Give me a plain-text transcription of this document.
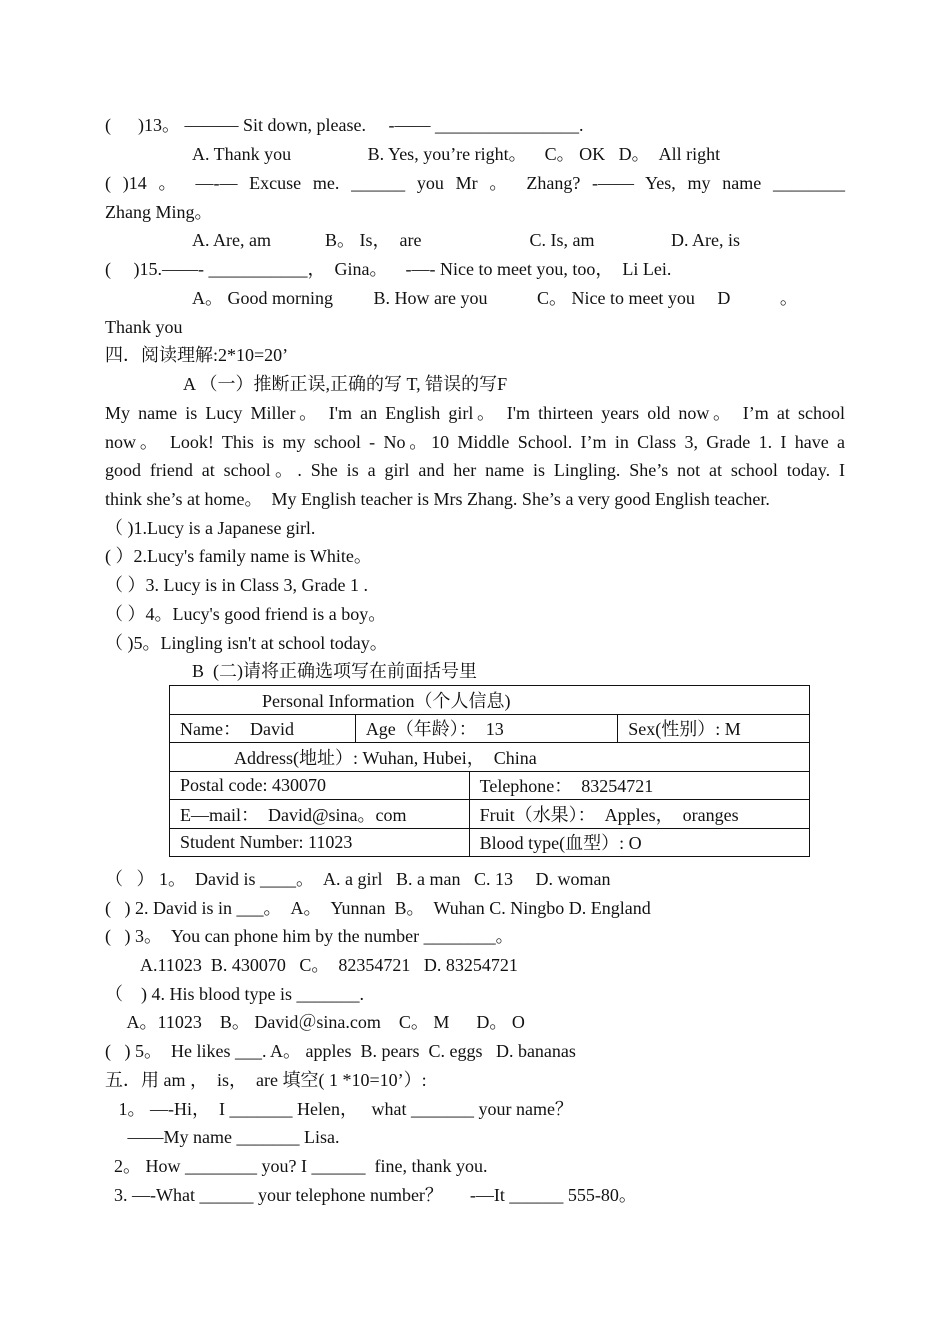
(      )13。 ——— Sit down, please.     -—— ________________.
A. Thank you                 B. Yes, you’re right。    C。 OK   D。  All right
( )14 。 —-— Excuse me. ______ you Mr 。 Zhang? -—— Yes, my name ________
Zhang Ming。
A. Are, am            B。 Is，  are                        C. Is, am                 D. Are, is
(     )15.——- ___________，  Gina。    -—- Nice to meet you, too，  Li Lei.
A。 Good morning         B. How are you           C。 Nice to meet you     D           。
Thank you
四．阅读理解:2*10=20’
A （一）推断正误,正确的写 T, 错误的写F
My name is Lucy Miller。 I'm an English girl。 I'm thirteen years old now。 I’m at school
now。 Look! This is my school - No。10 Middle School. I’m in Class 3, Grade 1. I have a
good friend at school。. She is a girl and her name is Lingling. She’s not at school today. I
think she’s at home。  My English teacher is Mrs Zhang. She’s a very good English teacher.
（ )1.Lucy is a Japanese girl.
( ）2.Lucy's family name is White。
（ ）3. Lucy is in Class 3, Grade 1 .
（ ）4。Lucy's good friend is a boy。
（ )5。Lingling isn't at school today。
B  (二)请将正确选项写在前面括号里
Personal Information（个人信息)			
Name：  David	Age（年龄）：  13		Sex(性别）: M
Address(地址）: Wuhan, Hubei，  China			
Postal code: 430070		Telephone：  83254721	
E—mail：  David@sina。com		Fruit（水果）：  Apples，  oranges	
Student Number: 11023		Blood type(血型）: O	
（   ） 1。  David is ____。  A. a girl   B. a man   C. 13     D. woman
(   ) 2. David is in ___。  A。  Yunnan  B。  Wuhan C. Ningbo D. England
(   ) 3。  You can phone him by the number ________。
A.11023  B. 430070   C。  82354721   D. 83254721
（    ) 4. His blood type is _______.
A。11023    B。 David＠sina.com    C。 M      D。 O
(   ) 5。  He likes ___. A。 apples  B. pears  C. eggs   D. bananas
五．用 am ，  is，  are 填空( 1 *10=10’）:
1。 —-Hi，  I _______ Helen，   what _______ your name？
——My name _______ Lisa.
2。 How ________ you? I ______  fine, thank you.
3. —-What ______ your telephone number？      -—It ______ 555-80。
